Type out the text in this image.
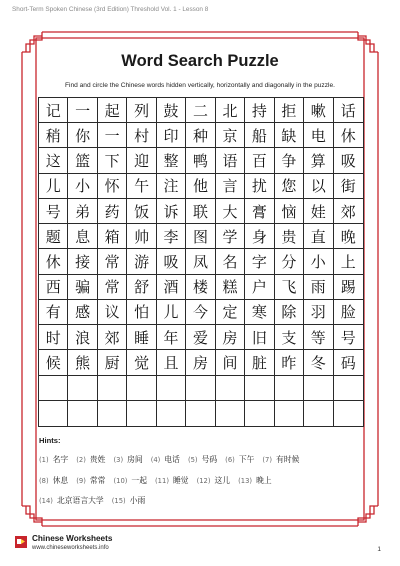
Short-Term Spoken Chinese (3rd Edition) Threshold Vol. 1 - Lesson 8
Word Search Puzzle
Find and circle the Chinese words hidden vertically, horizontally and diagonally in the puzzle.
记 一 起 列 鼓 二 北 持 拒 嗽 话
稍 你 一 村 印 种 京 船 缺 电 休
这 篮 下 迎 整 鸭 语 百 争 算 吸
儿 小 怀 午 注 他 言 扰 您 以 街
号 弟 药 饭 诉 联 大 膏 恼 娃 郊
题 息 箱 帅 李 图 学 身 贵 直 晚
休 接 常 游 吸 凤 名 字 分 小 上
西 骗 常 舒 酒 楼 糕 户 飞 雨 踢
有 感 议 怕 儿 今 定 寒 除 羽 脸
时 浪 郊 睡 年 爱 房 旧 支 等 号
候 熊 厨 觉 且 房 间 脏 昨 冬 码
Hints:
(1) 名字 (2) 贵姓 (3) 房间 (4) 电话 (5) 号码 (6) 下午 (7) 有时候
(8) 休息 (9) 常常 (10) 一起 (11) 睡觉 (12) 这儿 (13) 晚上
(14) 北京语言大学 (15) 小雨
Chinese Worksheets
www.chineseworksheets.info	1
